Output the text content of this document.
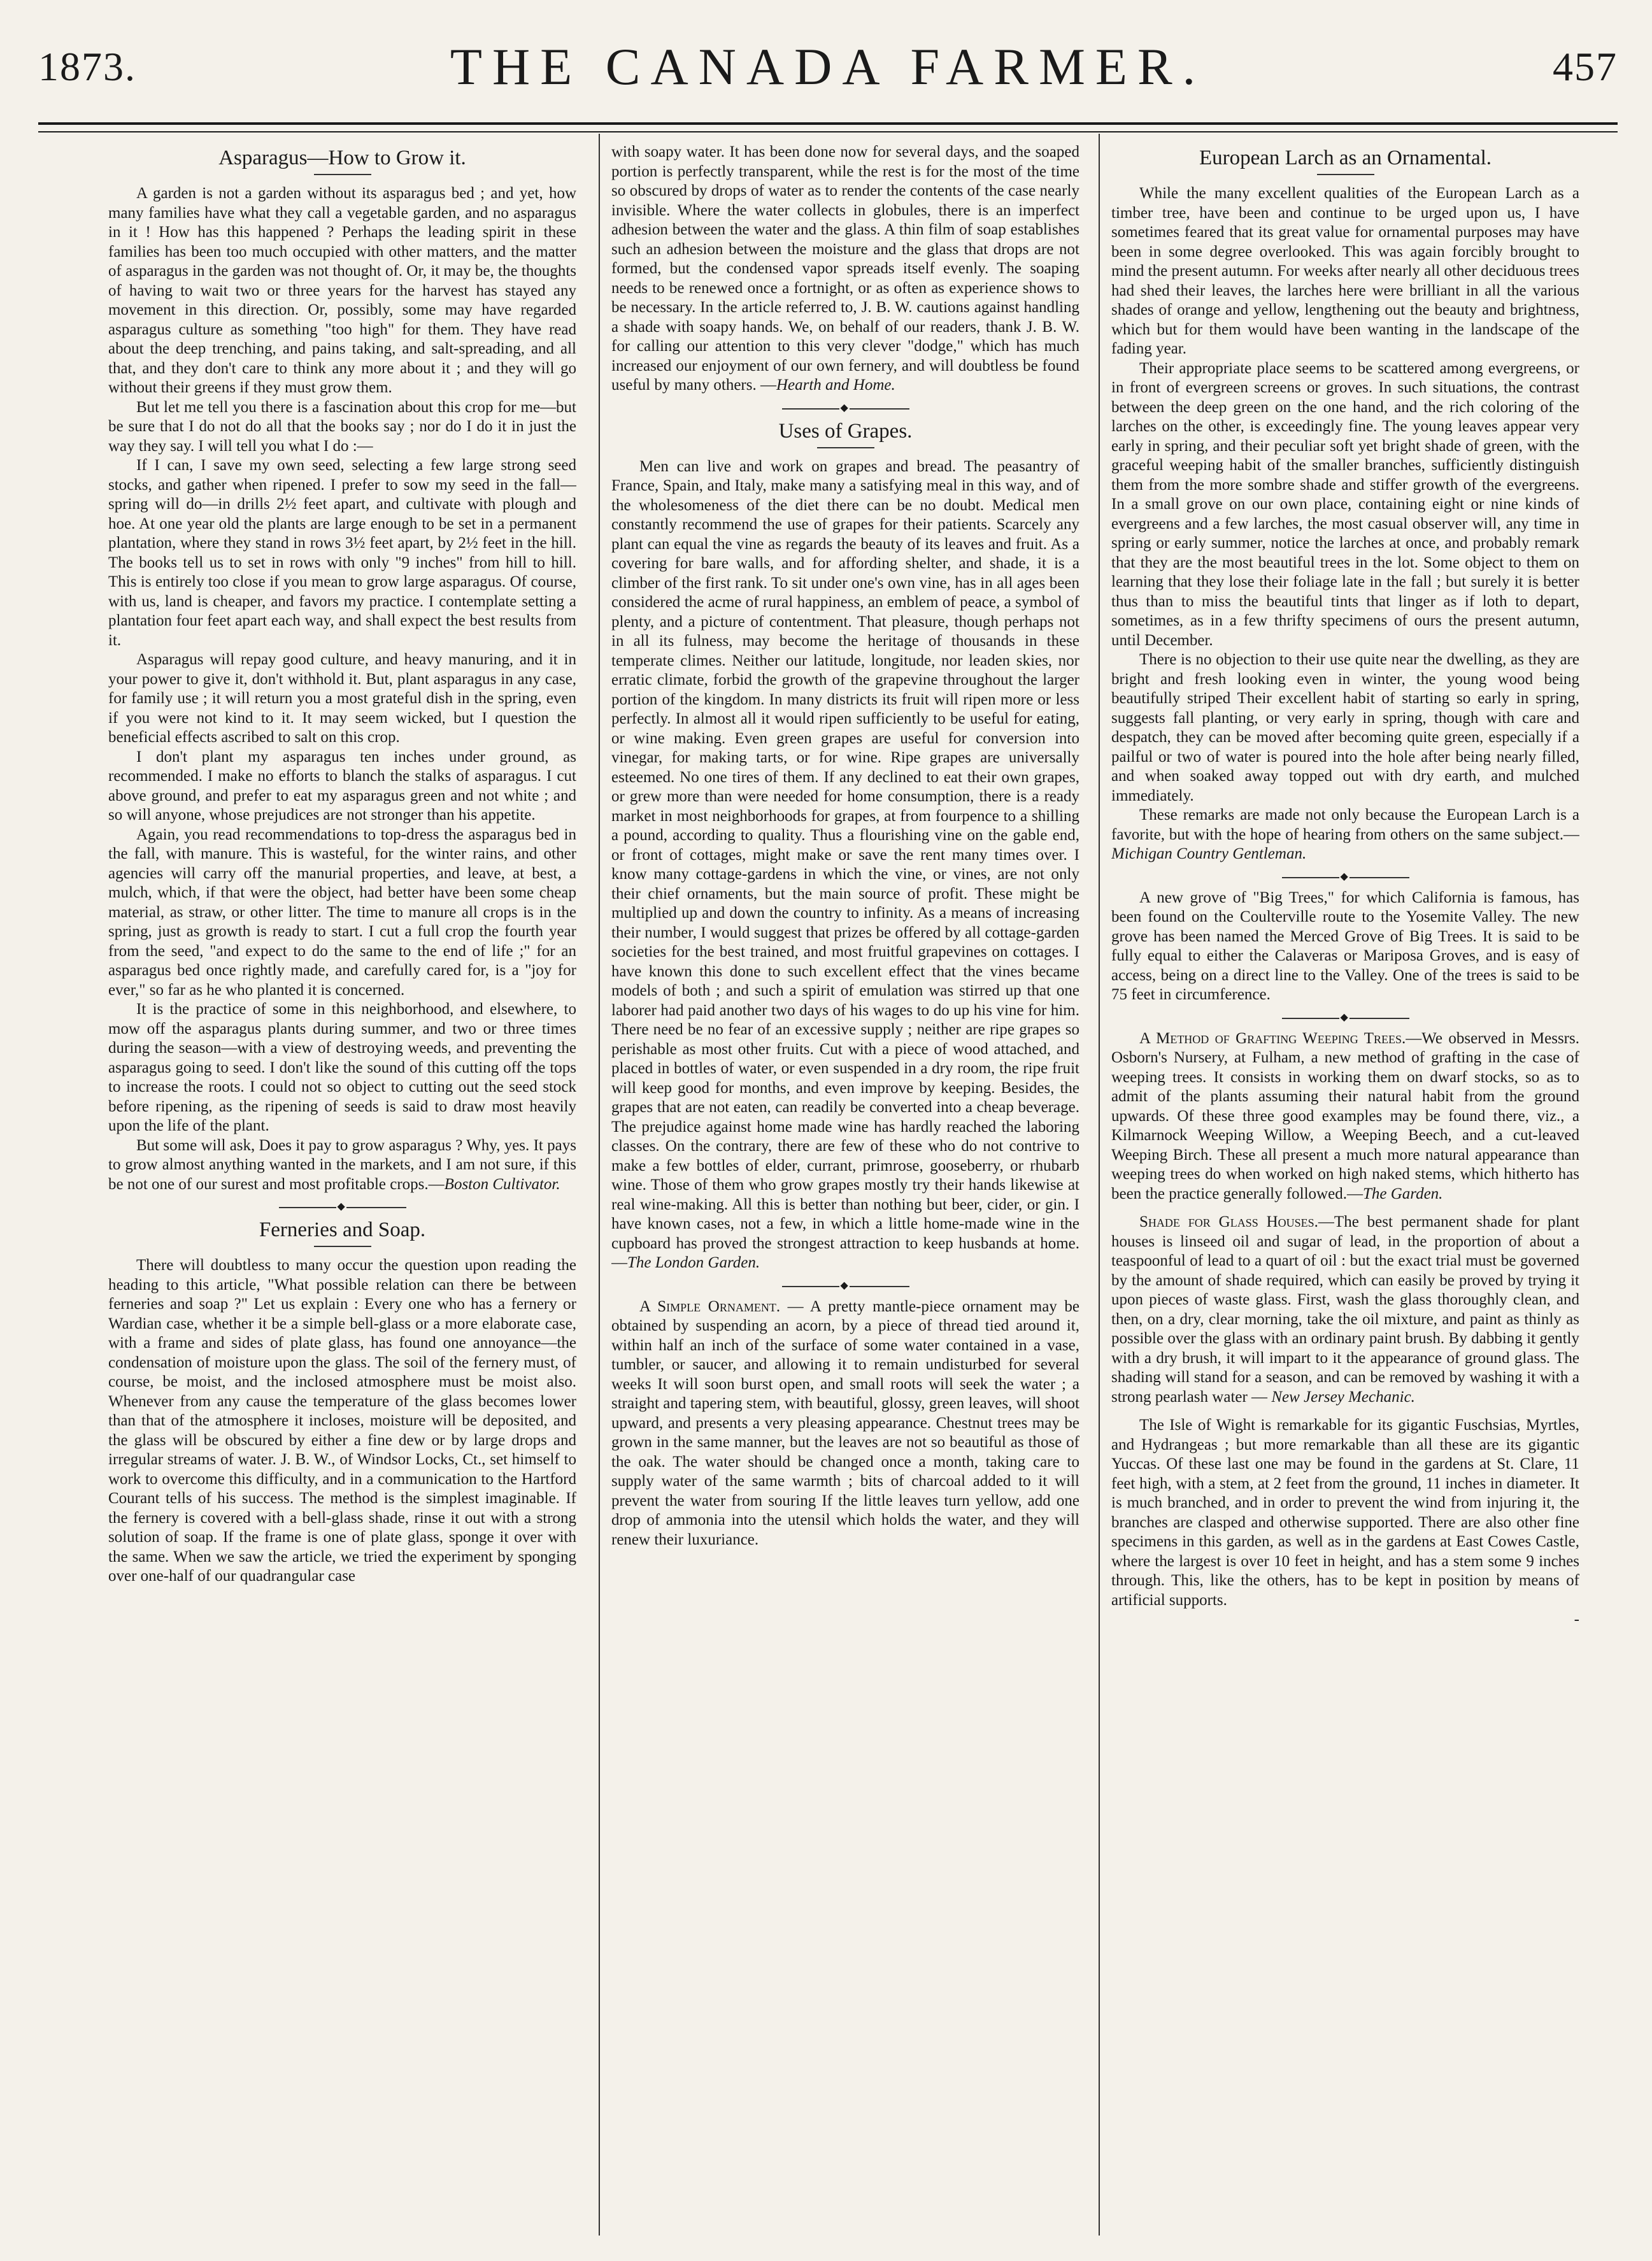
1873.	THE CANADA FARMER.	457
Asparagus—How to Grow it.

A garden is not a garden without its asparagus bed ; and yet, how many families have what they call a vegetable garden, and no asparagus in it ! How has this happened ? Perhaps the leading spirit in these families has been too much occupied with other matters, and the matter of asparagus in the garden was not thought of. Or, it may be, the thoughts of having to wait two or three years for the harvest has stayed any movement in this direction. Or, possibly, some may have regarded asparagus culture as something "too high" for them. They have read about the deep trenching, and pains taking, and salt-spreading, and all that, and they don't care to think any more about it ; and they will go without their greens if they must grow them.

But let me tell you there is a fascination about this crop for me—but be sure that I do not do all that the books say ; nor do I do it in just the way they say. I will tell you what I do :—

If I can, I save my own seed, selecting a few large strong seed stocks, and gather when ripened. I prefer to sow my seed in the fall—spring will do—in drills 2½ feet apart, and cultivate with plough and hoe. At one year old the plants are large enough to be set in a permanent plantation, where they stand in rows 3½ feet apart, by 2½ feet in the hill. The books tell us to set in rows with only "9 inches" from hill to hill. This is entirely too close if you mean to grow large asparagus. Of course, with us, land is cheaper, and favors my practice. I contemplate setting a plantation four feet apart each way, and shall expect the best results from it.

Asparagus will repay good culture, and heavy manuring, and it in your power to give it, don't withhold it. But, plant asparagus in any case, for family use ; it will return you a most grateful dish in the spring, even if you were not kind to it. It may seem wicked, but I question the beneficial effects ascribed to salt on this crop.

I don't plant my asparagus ten inches under ground, as recommended. I make no efforts to blanch the stalks of asparagus. I cut above ground, and prefer to eat my asparagus green and not white ; and so will anyone, whose prejudices are not stronger than his appetite.

Again, you read recommendations to top-dress the asparagus bed in the fall, with manure. This is wasteful, for the winter rains, and other agencies will carry off the manurial properties, and leave, at best, a mulch, which, if that were the object, had better have been some cheap material, as straw, or other litter. The time to manure all crops is in the spring, just as growth is ready to start. I cut a full crop the fourth year from the seed, "and expect to do the same to the end of life ;" for an asparagus bed once rightly made, and carefully cared for, is a "joy for ever," so far as he who planted it is concerned.

It is the practice of some in this neighborhood, and elsewhere, to mow off the asparagus plants during summer, and two or three times during the season—with a view of destroying weeds, and preventing the asparagus going to seed. I don't like the sound of this cutting off the tops to increase the roots. I could not so object to cutting out the seed stock before ripening, as the ripening of seeds is said to draw most heavily upon the life of the plant.

But some will ask, Does it pay to grow asparagus ? Why, yes. It pays to grow almost anything wanted in the markets, and I am not sure, if this be not one of our surest and most profitable crops.—Boston Cultivator.

◆
Ferneries and Soap.

There will doubtless to many occur the question upon reading the heading to this article, "What possible relation can there be between ferneries and soap ?" Let us explain : Every one who has a fernery or Wardian case, whether it be a simple bell-glass or a more elaborate case, with a frame and sides of plate glass, has found one annoyance—the condensation of moisture upon the glass. The soil of the fernery must, of course, be moist, and the inclosed atmosphere must be moist also. Whenever from any cause the temperature of the glass becomes lower than that of the atmosphere it incloses, moisture will be deposited, and the glass will be obscured by either a fine dew or by large drops and irregular streams of water. J. B. W., of Windsor Locks, Ct., set himself to work to overcome this difficulty, and in a communication to the Hartford Courant tells of his success. The method is the simplest imaginable. If the fernery is covered with a bell-glass shade, rinse it out with a strong solution of soap. If the frame is one of plate glass, sponge it over with the same. When we saw the article, we tried the experiment by sponging over one-half of our quadrangular case

with soapy water. It has been done now for several days, and the soaped portion is perfectly transparent, while the rest is for the most of the time so obscured by drops of water as to render the contents of the case nearly invisible. Where the water collects in globules, there is an imperfect adhesion between the water and the glass. A thin film of soap establishes such an adhesion between the moisture and the glass that drops are not formed, but the condensed vapor spreads itself evenly. The soaping needs to be renewed once a fortnight, or as often as experience shows to be necessary. In the article referred to, J. B. W. cautions against handling a shade with soapy hands. We, on behalf of our readers, thank J. B. W. for calling our attention to this very clever "dodge," which has much increased our enjoyment of our own fernery, and will doubtless be found useful by many others. —Hearth and Home.

◆
Uses of Grapes.

Men can live and work on grapes and bread. The peasantry of France, Spain, and Italy, make many a satisfying meal in this way, and of the wholesomeness of the diet there can be no doubt. Medical men constantly recommend the use of grapes for their patients. Scarcely any plant can equal the vine as regards the beauty of its leaves and fruit. As a covering for bare walls, and for affording shelter, and shade, it is a climber of the first rank. To sit under one's own vine, has in all ages been considered the acme of rural happiness, an emblem of peace, a symbol of plenty, and a picture of contentment. That pleasure, though perhaps not in all its fulness, may become the heritage of thousands in these temperate climes. Neither our latitude, longitude, nor leaden skies, nor erratic climate, forbid the growth of the grapevine throughout the larger portion of the kingdom. In many districts its fruit will ripen more or less perfectly. In almost all it would ripen sufficiently to be useful for eating, or wine making. Even green grapes are useful for conversion into vinegar, for making tarts, or for wine. Ripe grapes are universally esteemed. No one tires of them. If any declined to eat their own grapes, or grew more than were needed for home consumption, there is a ready market in most neighborhoods for grapes, at from fourpence to a shilling a pound, according to quality. Thus a flourishing vine on the gable end, or front of cottages, might make or save the rent many times over. I know many cottage-gardens in which the vine, or vines, are not only their chief ornaments, but the main source of profit. These might be multiplied up and down the country to infinity. As a means of increasing their number, I would suggest that prizes be offered by all cottage-garden societies for the best trained, and most fruitful grapevines on cottages. I have known this done to such excellent effect that the vines became models of both ; and such a spirit of emulation was stirred up that one laborer had paid another two days of his wages to do up his vine for him. There need be no fear of an excessive supply ; neither are ripe grapes so perishable as most other fruits. Cut with a piece of wood attached, and placed in bottles of water, or even suspended in a dry room, the ripe fruit will keep good for months, and even improve by keeping. Besides, the grapes that are not eaten, can readily be converted into a cheap beverage. The prejudice against home made wine has hardly reached the laboring classes. On the contrary, there are few of these who do not contrive to make a few bottles of elder, currant, primrose, gooseberry, or rhubarb wine. Those of them who grow grapes mostly try their hands likewise at real wine-making. All this is better than nothing but beer, cider, or gin. I have known cases, not a few, in which a little home-made wine in the cupboard has proved the strongest attraction to keep husbands at home.—The London Garden.

◆

A Simple Ornament. — A pretty mantle-piece ornament may be obtained by suspending an acorn, by a piece of thread tied around it, within half an inch of the surface of some water contained in a vase, tumbler, or saucer, and allowing it to remain undisturbed for several weeks It will soon burst open, and small roots will seek the water ; a straight and tapering stem, with beautiful, glossy, green leaves, will shoot upward, and presents a very pleasing appearance. Chestnut trees may be grown in the same manner, but the leaves are not so beautiful as those of the oak. The water should be changed once a month, taking care to supply water of the same warmth ; bits of charcoal added to it will prevent the water from souring If the little leaves turn yellow, add one drop of ammonia into the utensil which holds the water, and they will renew their luxuriance.

European Larch as an Ornamental.

While the many excellent qualities of the European Larch as a timber tree, have been and continue to be urged upon us, I have sometimes feared that its great value for ornamental purposes may have been in some degree overlooked. This was again forcibly brought to mind the present autumn. For weeks after nearly all other deciduous trees had shed their leaves, the larches here were brilliant in all the various shades of orange and yellow, lengthening out the beauty and brightness, which but for them would have been wanting in the landscape of the fading year.

Their appropriate place seems to be scattered among evergreens, or in front of evergreen screens or groves. In such situations, the contrast between the deep green on the one hand, and the rich coloring of the larches on the other, is exceedingly fine. The young leaves appear very early in spring, and their peculiar soft yet bright shade of green, with the graceful weeping habit of the smaller branches, sufficiently distinguish them from the more sombre shade and stiffer growth of the evergreens. In a small grove on our own place, containing eight or nine kinds of evergreens and a few larches, the most casual observer will, any time in spring or early summer, notice the larches at once, and probably remark that they are the most beautiful trees in the lot. Some object to them on learning that they lose their foliage late in the fall ; but surely it is better thus than to miss the beautiful tints that linger as if loth to depart, sometimes, as in a few thrifty specimens of ours the present autumn, until December.

There is no objection to their use quite near the dwelling, as they are bright and fresh looking even in winter, the young wood being beautifully striped Their excellent habit of starting so early in spring, suggests fall planting, or very early in spring, though with care and despatch, they can be moved after becoming quite green, especially if a pailful or two of water is poured into the hole after being nearly filled, and when soaked away topped out with dry earth, and mulched immediately.

These remarks are made not only because the European Larch is a favorite, but with the hope of hearing from others on the same subject.—Michigan Country Gentleman.

◆

A new grove of "Big Trees," for which California is famous, has been found on the Coulterville route to the Yosemite Valley. The new grove has been named the Merced Grove of Big Trees. It is said to be fully equal to either the Calaveras or Mariposa Groves, and is easy of access, being on a direct line to the Valley. One of the trees is said to be 75 feet in circumference.

◆

A Method of Grafting Weeping Trees.—We observed in Messrs. Osborn's Nursery, at Fulham, a new method of grafting in the case of weeping trees. It consists in working them on dwarf stocks, so as to admit of the plants assuming their natural habit from the ground upwards. Of these three good examples may be found there, viz., a Kilmarnock Weeping Willow, a Weeping Beech, and a cut-leaved Weeping Birch. These all present a much more natural appearance than weeping trees do when worked on high naked stems, which hitherto has been the practice generally followed.—The Garden.

Shade for Glass Houses.—The best permanent shade for plant houses is linseed oil and sugar of lead, in the proportion of about a teaspoonful of lead to a quart of oil : but the exact trial must be governed by the amount of shade required, which can easily be proved by trying it upon pieces of waste glass. First, wash the glass thoroughly clean, and then, on a dry, clear morning, take the oil mixture, and paint as thinly as possible over the glass with an ordinary paint brush. By dabbing it gently with a dry brush, it will impart to it the appearance of ground glass. The shading will stand for a season, and can be removed by washing it with a strong pearlash water — New Jersey Mechanic.

The Isle of Wight is remarkable for its gigantic Fuschsias, Myrtles, and Hydrangeas ; but more remarkable than all these are its gigantic Yuccas. Of these last one may be found in the gardens at St. Clare, 11 feet high, with a stem, at 2 feet from the ground, 11 inches in diameter. It is much branched, and in order to prevent the wind from injuring it, the branches are clasped and otherwise supported. There are also other fine specimens in this garden, as well as in the gardens at East Cowes Castle, where the largest is over 10 feet in height, and has a stem some 9 inches through. This, like the others, has to be kept in position by means of artificial supports.

-
